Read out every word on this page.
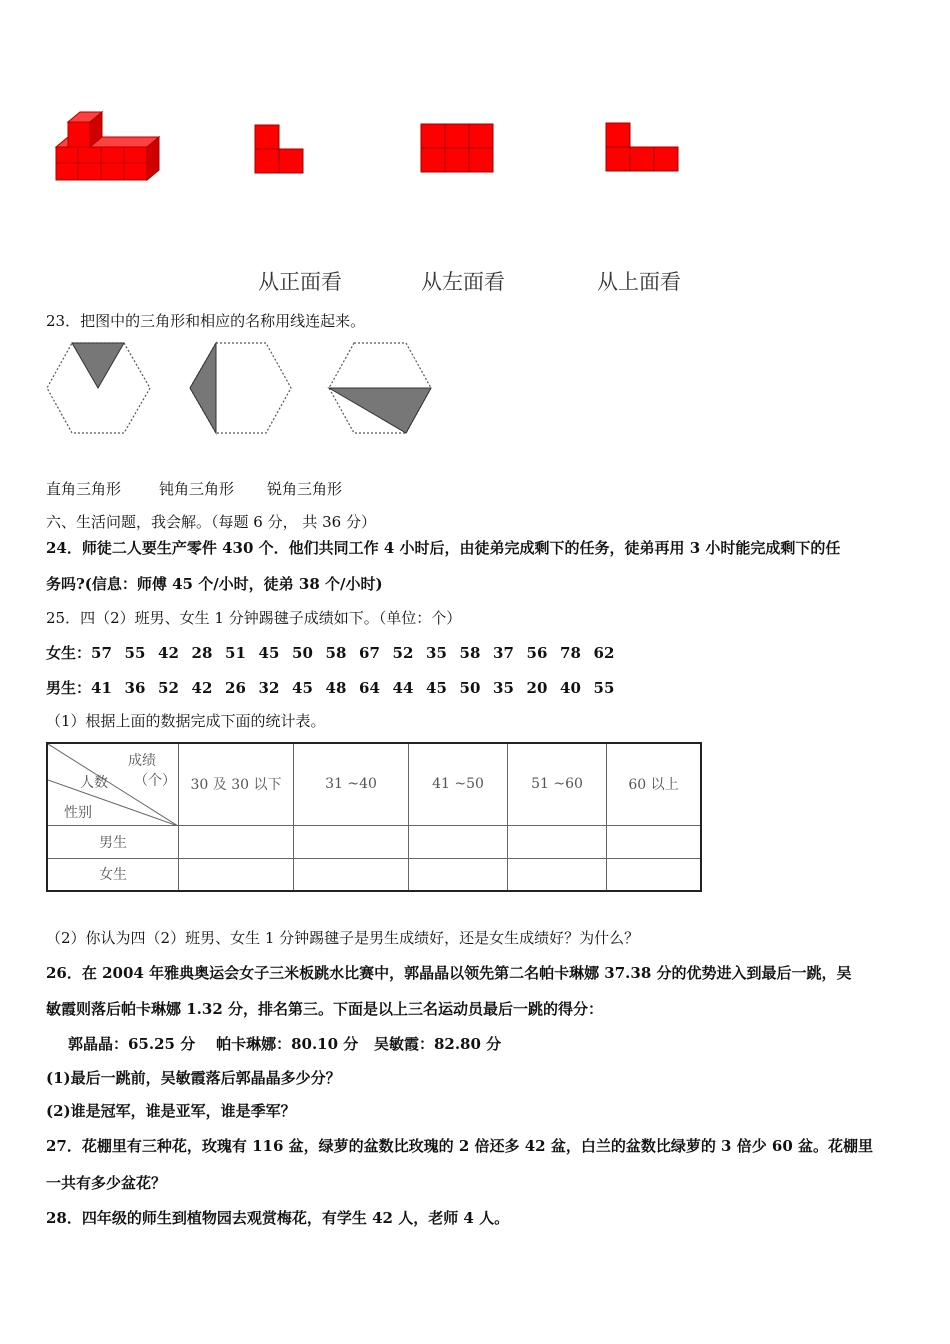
从正面看	从左面看	从上面看
23．把图中的三角形和相应的名称用线连起来。
直角三角形	钝角三角形 锐角三角形
六、生活问题，我会解。（每题 6 分， 共 36 分）
24．师徒二人要生产零件 430 个．他们共同工作 4 小时后，由徒弟完成剩下的任务，徒弟再用 3 小时能完成剩下的任
务吗?(信息：师傅 45 个/小时，徒弟 38 个/小时)
25．四（2）班男、女生 1 分钟踢毽子成绩如下。（单位：个）
女生：57 55 42 28 51 45 50 58 67 52 35 58 37 56 78 62
男生：41 36 52 42 26 32 45 48 64 44 45 50 35 20 40 55
（1）根据上面的数据完成下面的统计表。
成绩
（个）
人数
性别	30 及 30 以下	31 ~40	41 ~50	51 ~60	60 以上
男生					
女生					
（2）你认为四（2）班男、女生 1 分钟踢毽子是男生成绩好，还是女生成绩好？为什么？
26．在 2004 年雅典奥运会女子三米板跳水比赛中，郭晶晶以领先第二名帕卡琳娜 37.38 分的优势进入到最后一跳，吴
敏霞则落后帕卡琳娜 1.32 分，排名第三。下面是以上三名运动员最后一跳的得分：
郭晶晶：65.25 分    帕卡琳娜：80.10 分   吴敏霞：82.80 分
(1)最后一跳前，吴敏霞落后郭晶晶多少分？
(2)谁是冠军，谁是亚军，谁是季军？
27．花棚里有三种花，玫瑰有 116 盆，绿萝的盆数比玫瑰的 2 倍还多 42 盆，白兰的盆数比绿萝的 3 倍少 60 盆。花棚里
一共有多少盆花？
28．四年级的师生到植物园去观赏梅花，有学生 42 人，老师 4 人。
